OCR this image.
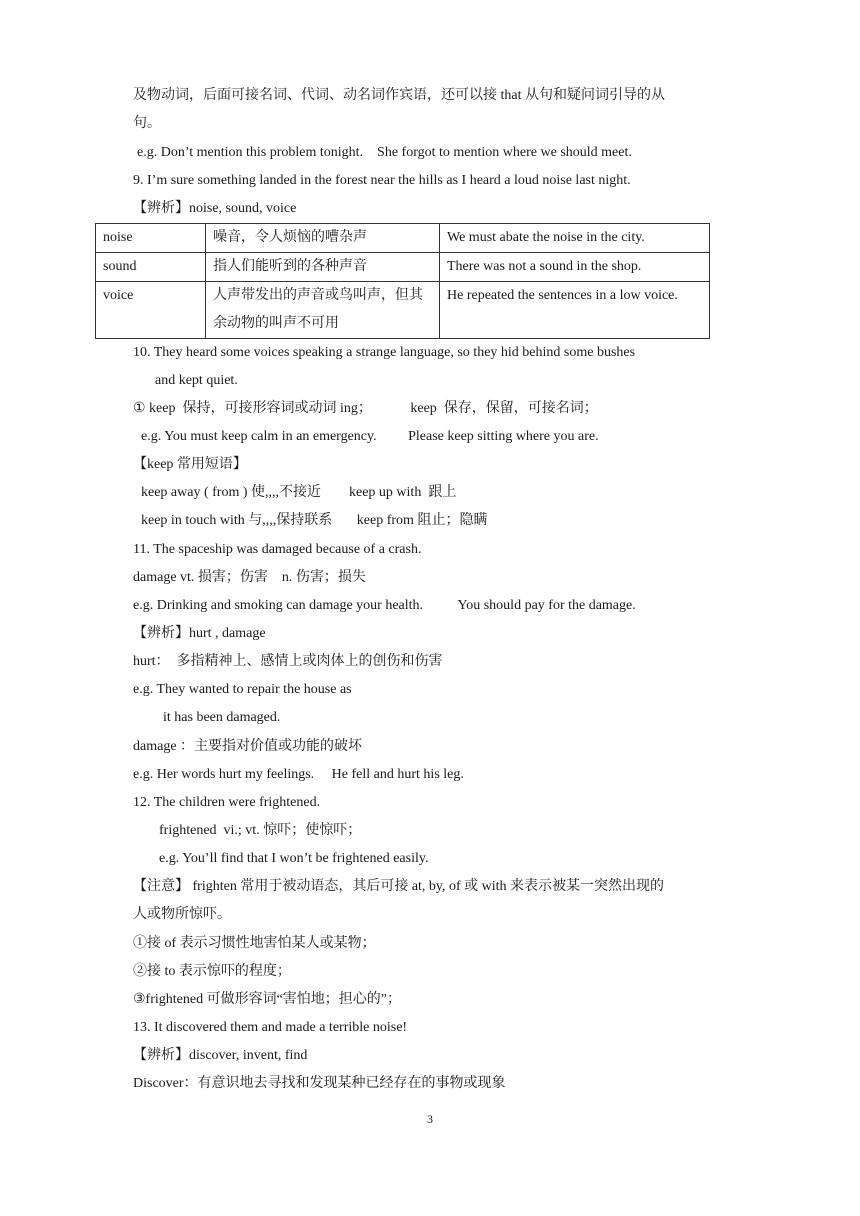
及物动词，后面可接名词、代词、动名词作宾语，还可以接 that 从句和疑问词引导的从
句。
e.g. Don’t mention this problem tonight.    She forgot to mention where we should meet.
9. I’m sure something landed in the forest near the hills as I heard a loud noise last night.
【辨析】noise, sound, voice
noise	噪音，令人烦恼的嘈杂声	We must abate the noise in the city.
sound	指人们能听到的各种声音	There was not a sound in the shop.
voice	人声带发出的声音或鸟叫声，但其余动物的叫声不可用	He repeated the sentences in a low voice.
10. They heard some voices speaking a strange language, so they hid behind some bushes
and kept quiet.
① keep  保持，可接形容词或动词 ing；           keep  保存，保留，可接名词；
e.g. You must keep calm in an emergency.         Please keep sitting where you are.
【keep 常用短语】
keep away ( from ) 使,,,,不接近        keep up with  跟上
keep in touch with 与,,,,保持联系       keep from 阻止；隐瞒
11. The spaceship was damaged because of a crash.
damage vt. 损害；伤害    n. 伤害；损失
e.g. Drinking and smoking can damage your health.          You should pay for the damage.
【辨析】hurt , damage
hurt：  多指精神上、感情上或肉体上的创伤和伤害
e.g. They wanted to repair the house as
it has been damaged.
damage ：主要指对价值或功能的破坏
e.g. Her words hurt my feelings.     He fell and hurt his leg.
12. The children were frightened.
frightened  vi.; vt. 惊吓；使惊吓；
e.g. You’ll find that I won’t be frightened easily.
【注意】 frighten 常用于被动语态，其后可接 at, by, of 或 with 来表示被某一突然出现的
人或物所惊吓。
①接 of 表示习惯性地害怕某人或某物；
②接 to 表示惊吓的程度；
③frightened 可做形容词“害怕地；担心的”；
13. It discovered them and made a terrible noise!
【辨析】discover, invent, find
Discover：有意识地去寻找和发现某种已经存在的事物或现象
3
